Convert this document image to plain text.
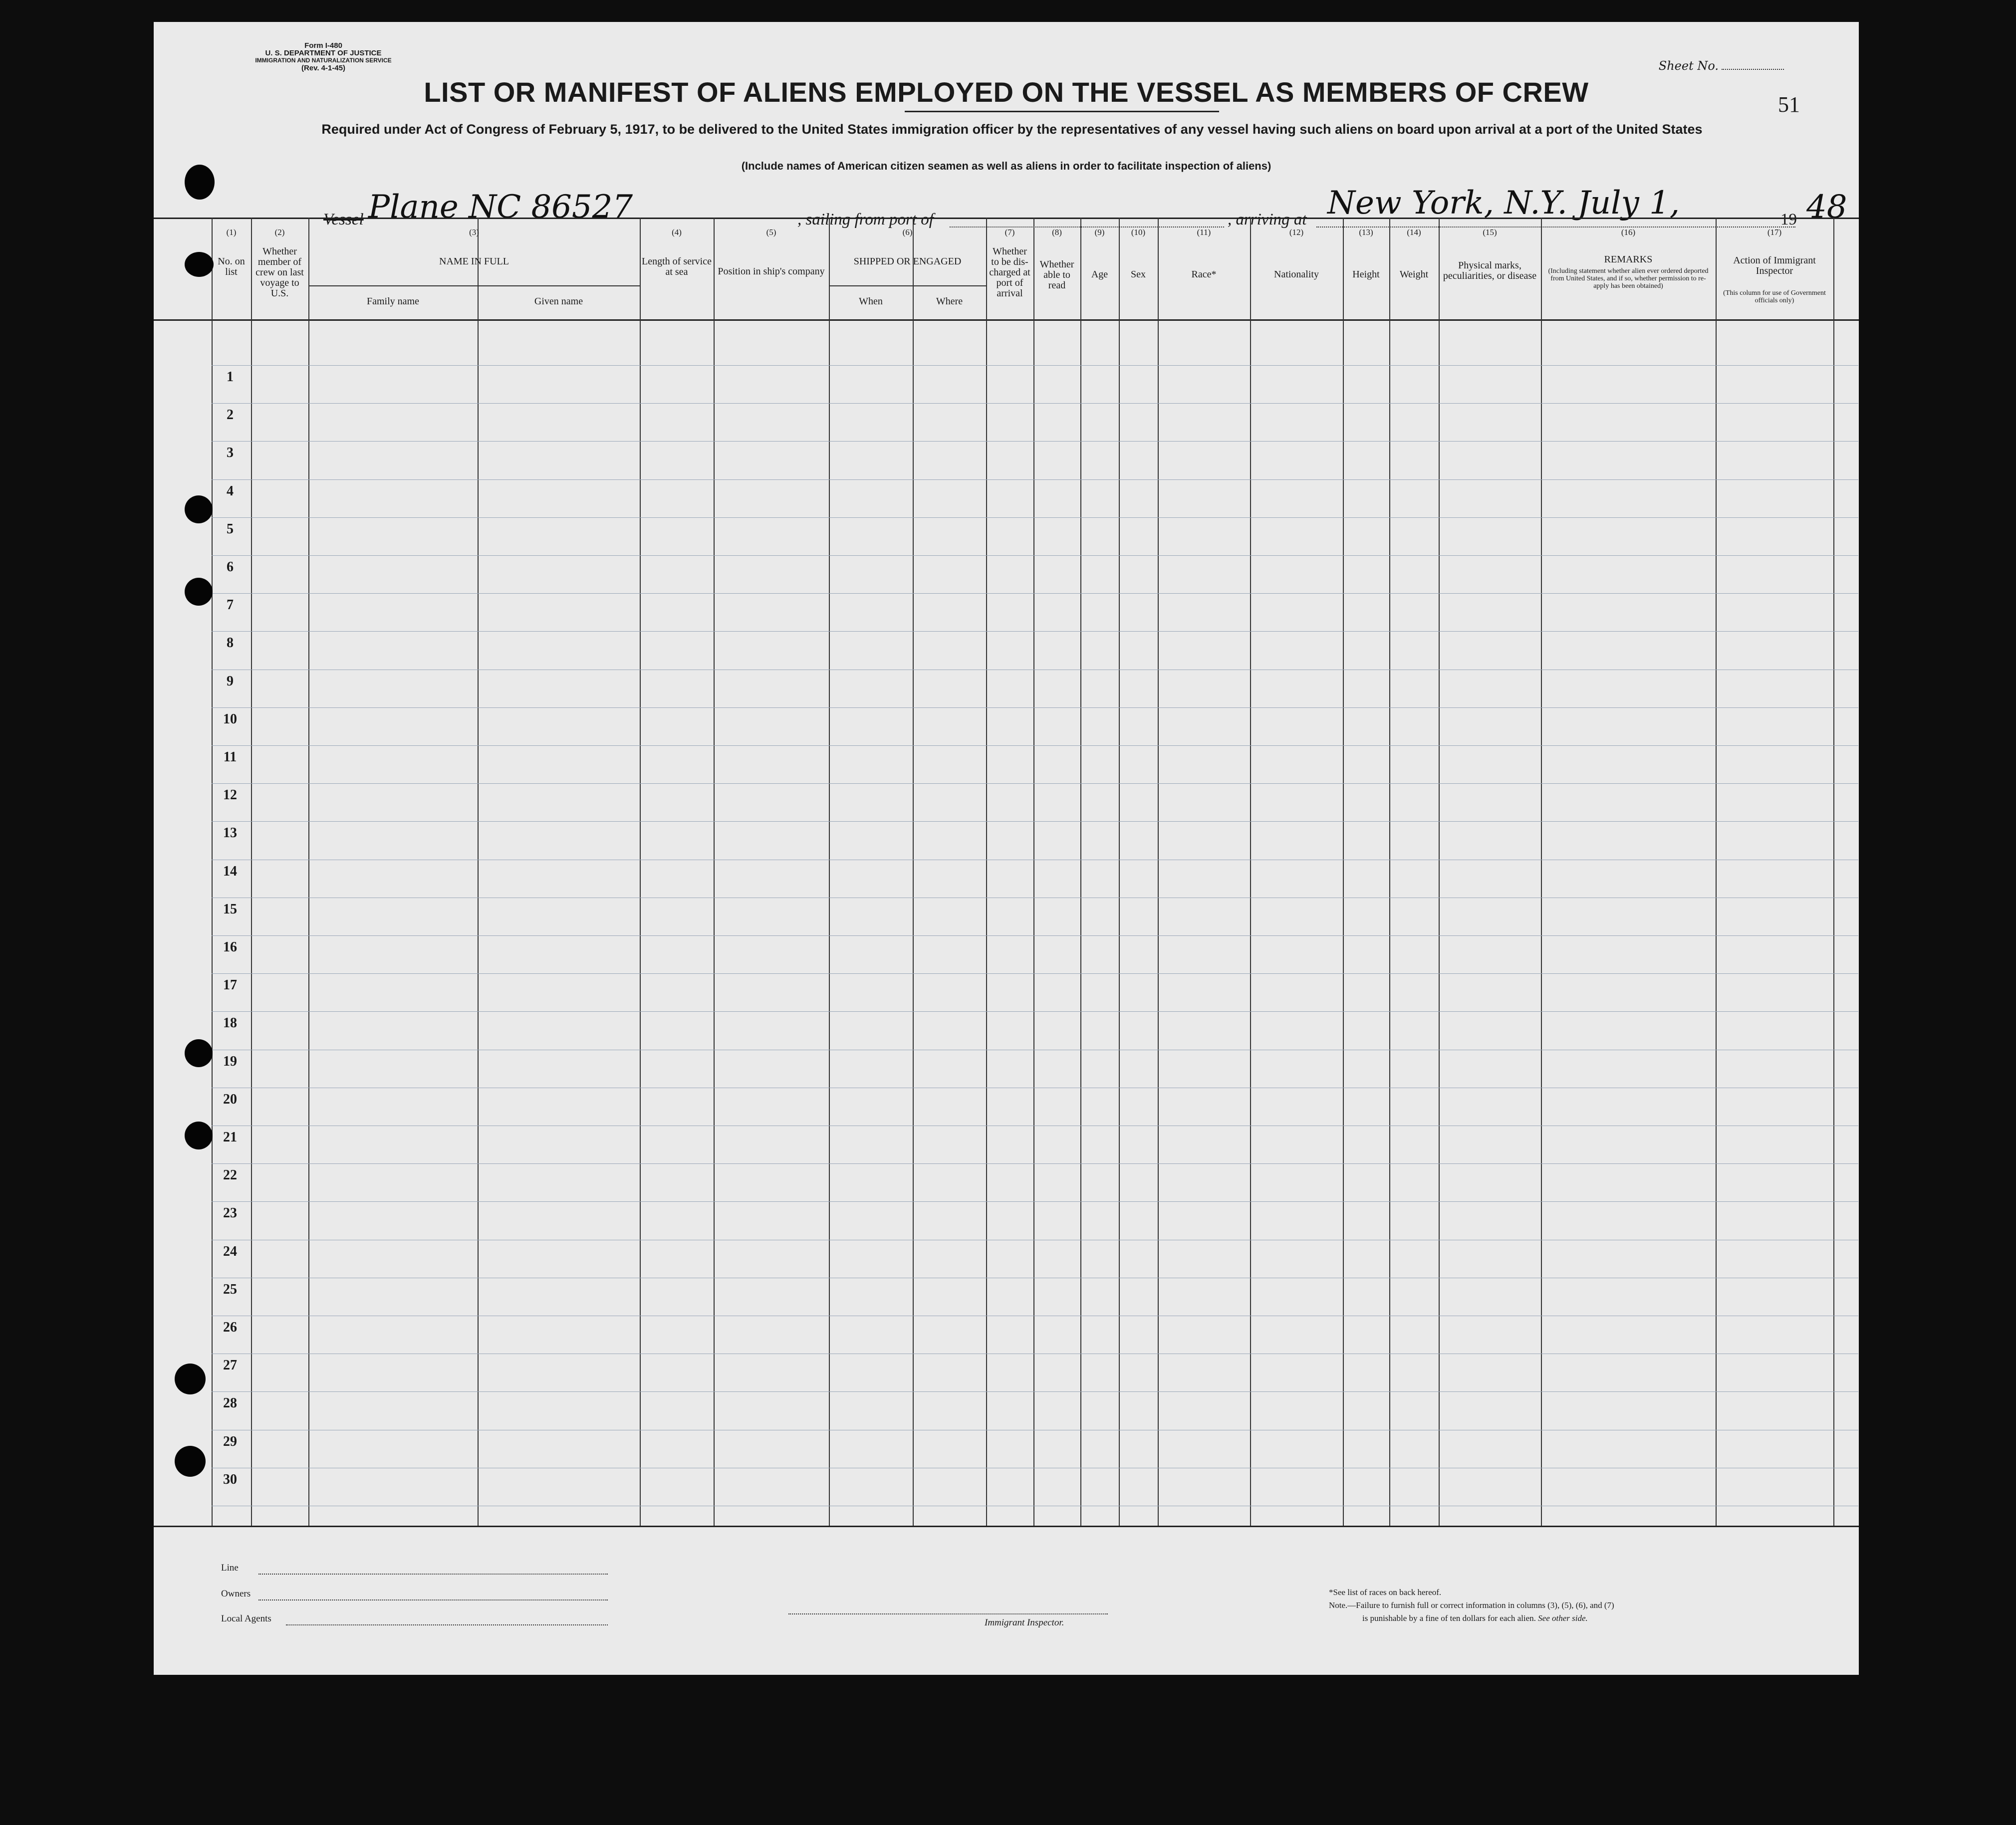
Form I-480
U. S. DEPARTMENT OF JUSTICE
IMMIGRATION AND NATURALIZATION SERVICE
(Rev. 4-1-45)	Sheet No.
51
LIST OR MANIFEST OF ALIENS EMPLOYED ON THE VESSEL AS MEMBERS OF CREW
Required under Act of Congress of February 5, 1917, to be delivered to the United States immigration officer by the representatives of any vessel having such aliens on board upon arrival at a port of the United States
(Include names of American citizen seamen as well as aliens in order to facilitate inspection of aliens)
Vessel Plane NC 86527	, sailing from port of	, arriving at New York, N.Y. July 1,	19 48
(1)
No. on list
(2)
Whether member of crew on last voyage to U.S.
(3)
NAME IN FULL
Family name	Given name
(4)
Length of service at sea
(5)
Position in ship's company
(6)
SHIPPED OR ENGAGED
When	Where
(7)
Whether to be dis-charged at port of arrival
(8)
Whether able to read
(9)
Age
(10)
Sex
(11)
Race*
(12)
Nationality
(13)
Height
(14)
Weight
(15)
Physical marks, peculiarities, or disease
(16)
REMARKS
(Including statement whether alien ever ordered deported from United States, and if so, whether permission to re-apply has been obtained)
(17)
Action of Immigrant Inspector
(This column for use of Government officials only)
1
2
3
4
5
6
7
8
9
10
11
12
13
14
15
16
17
18
19
20
21
22
23
24
25
26
27
28
29
30
Line
Owners
Local Agents	Immigrant Inspector.
*See list of races on back hereof.
Note.—Failure to furnish full or correct information in columns (3), (5), (6), and (7)
is punishable by a fine of ten dollars for each alien. See other side.
